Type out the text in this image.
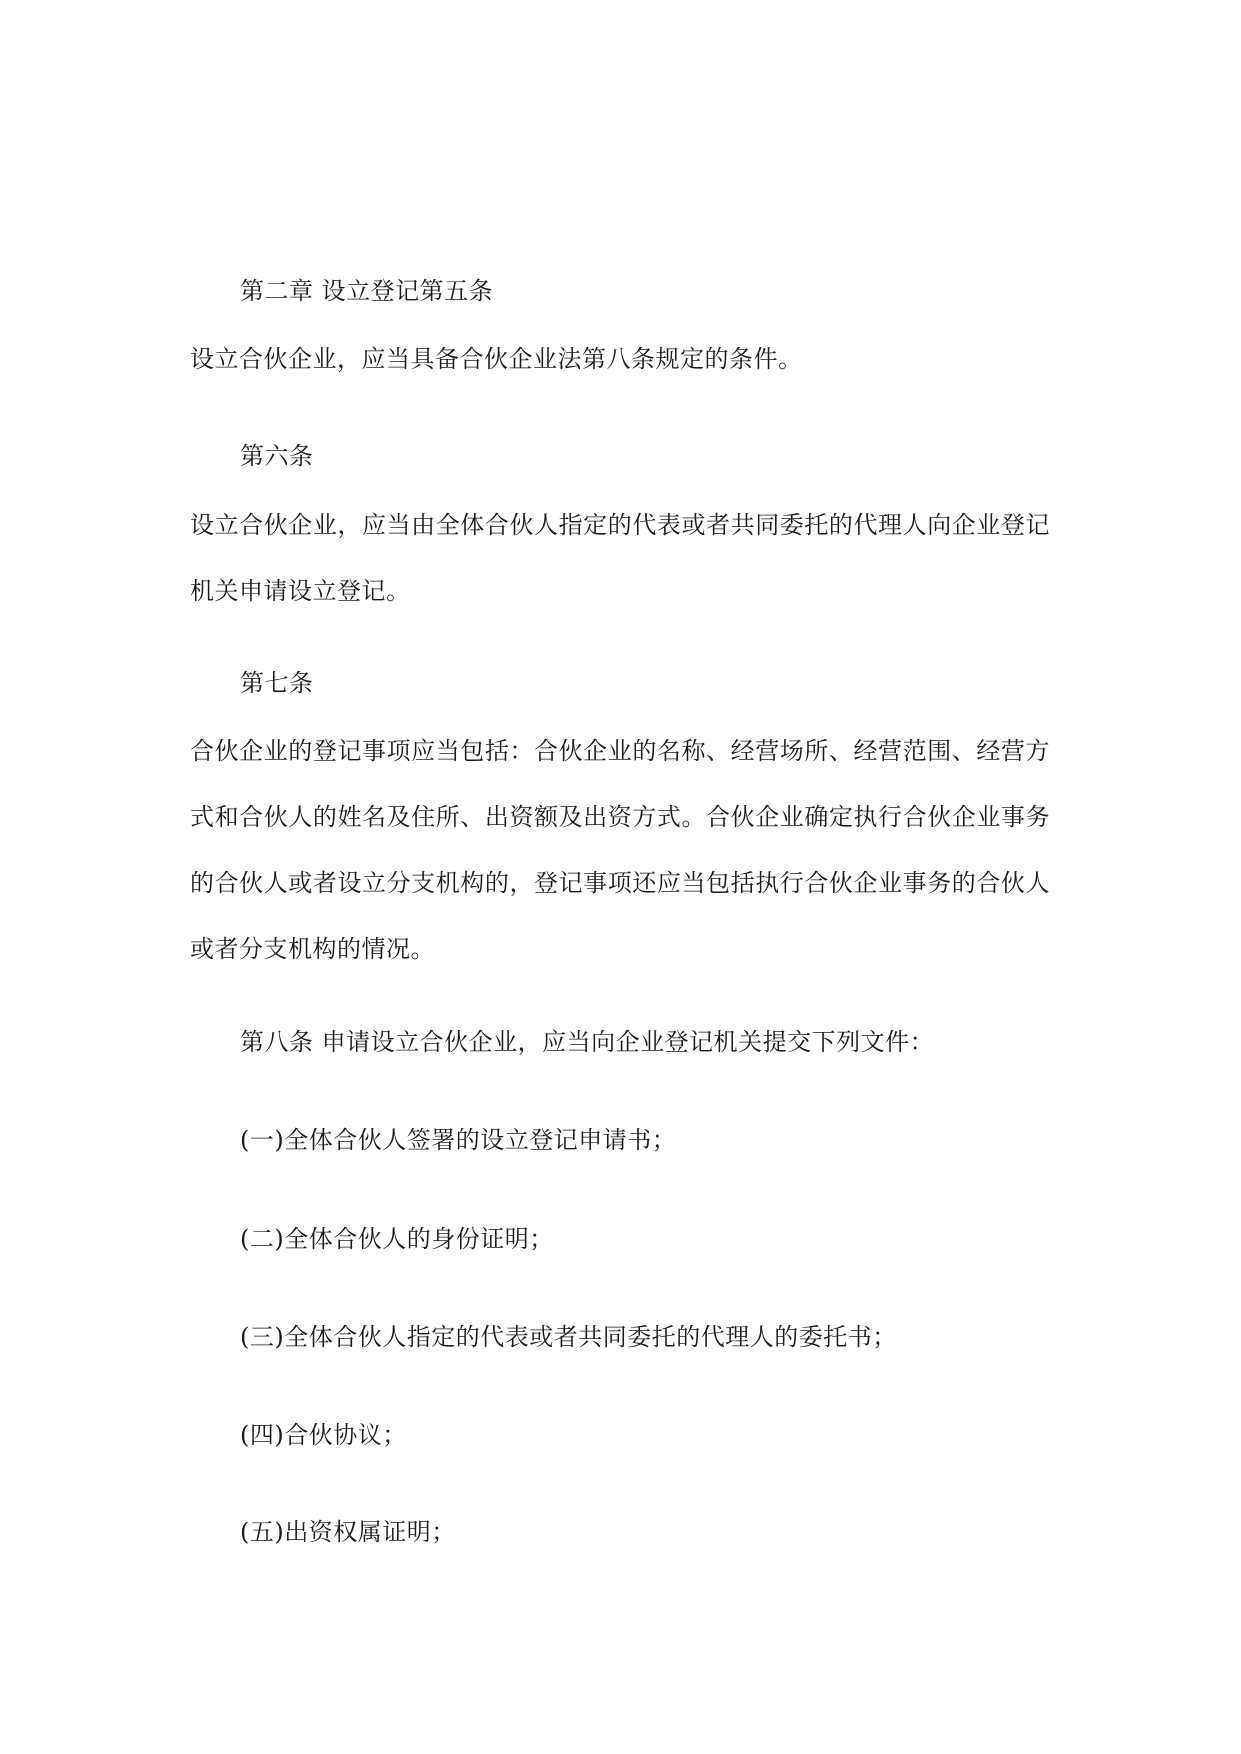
第二章 设立登记第五条
设立合伙企业，应当具备合伙企业法第八条规定的条件。
第六条
设立合伙企业，应当由全体合伙人指定的代表或者共同委托的代理人向企业登记机关申请设立登记。
第七条
合伙企业的登记事项应当包括：合伙企业的名称、经营场所、经营范围、经营方式和合伙人的姓名及住所、出资额及出资方式。合伙企业确定执行合伙企业事务的合伙人或者设立分支机构的，登记事项还应当包括执行合伙企业事务的合伙人或者分支机构的情况。
第八条 申请设立合伙企业，应当向企业登记机关提交下列文件：
(一)全体合伙人签署的设立登记申请书；
(二)全体合伙人的身份证明；
(三)全体合伙人指定的代表或者共同委托的代理人的委托书；
(四)合伙协议；
(五)出资权属证明；
